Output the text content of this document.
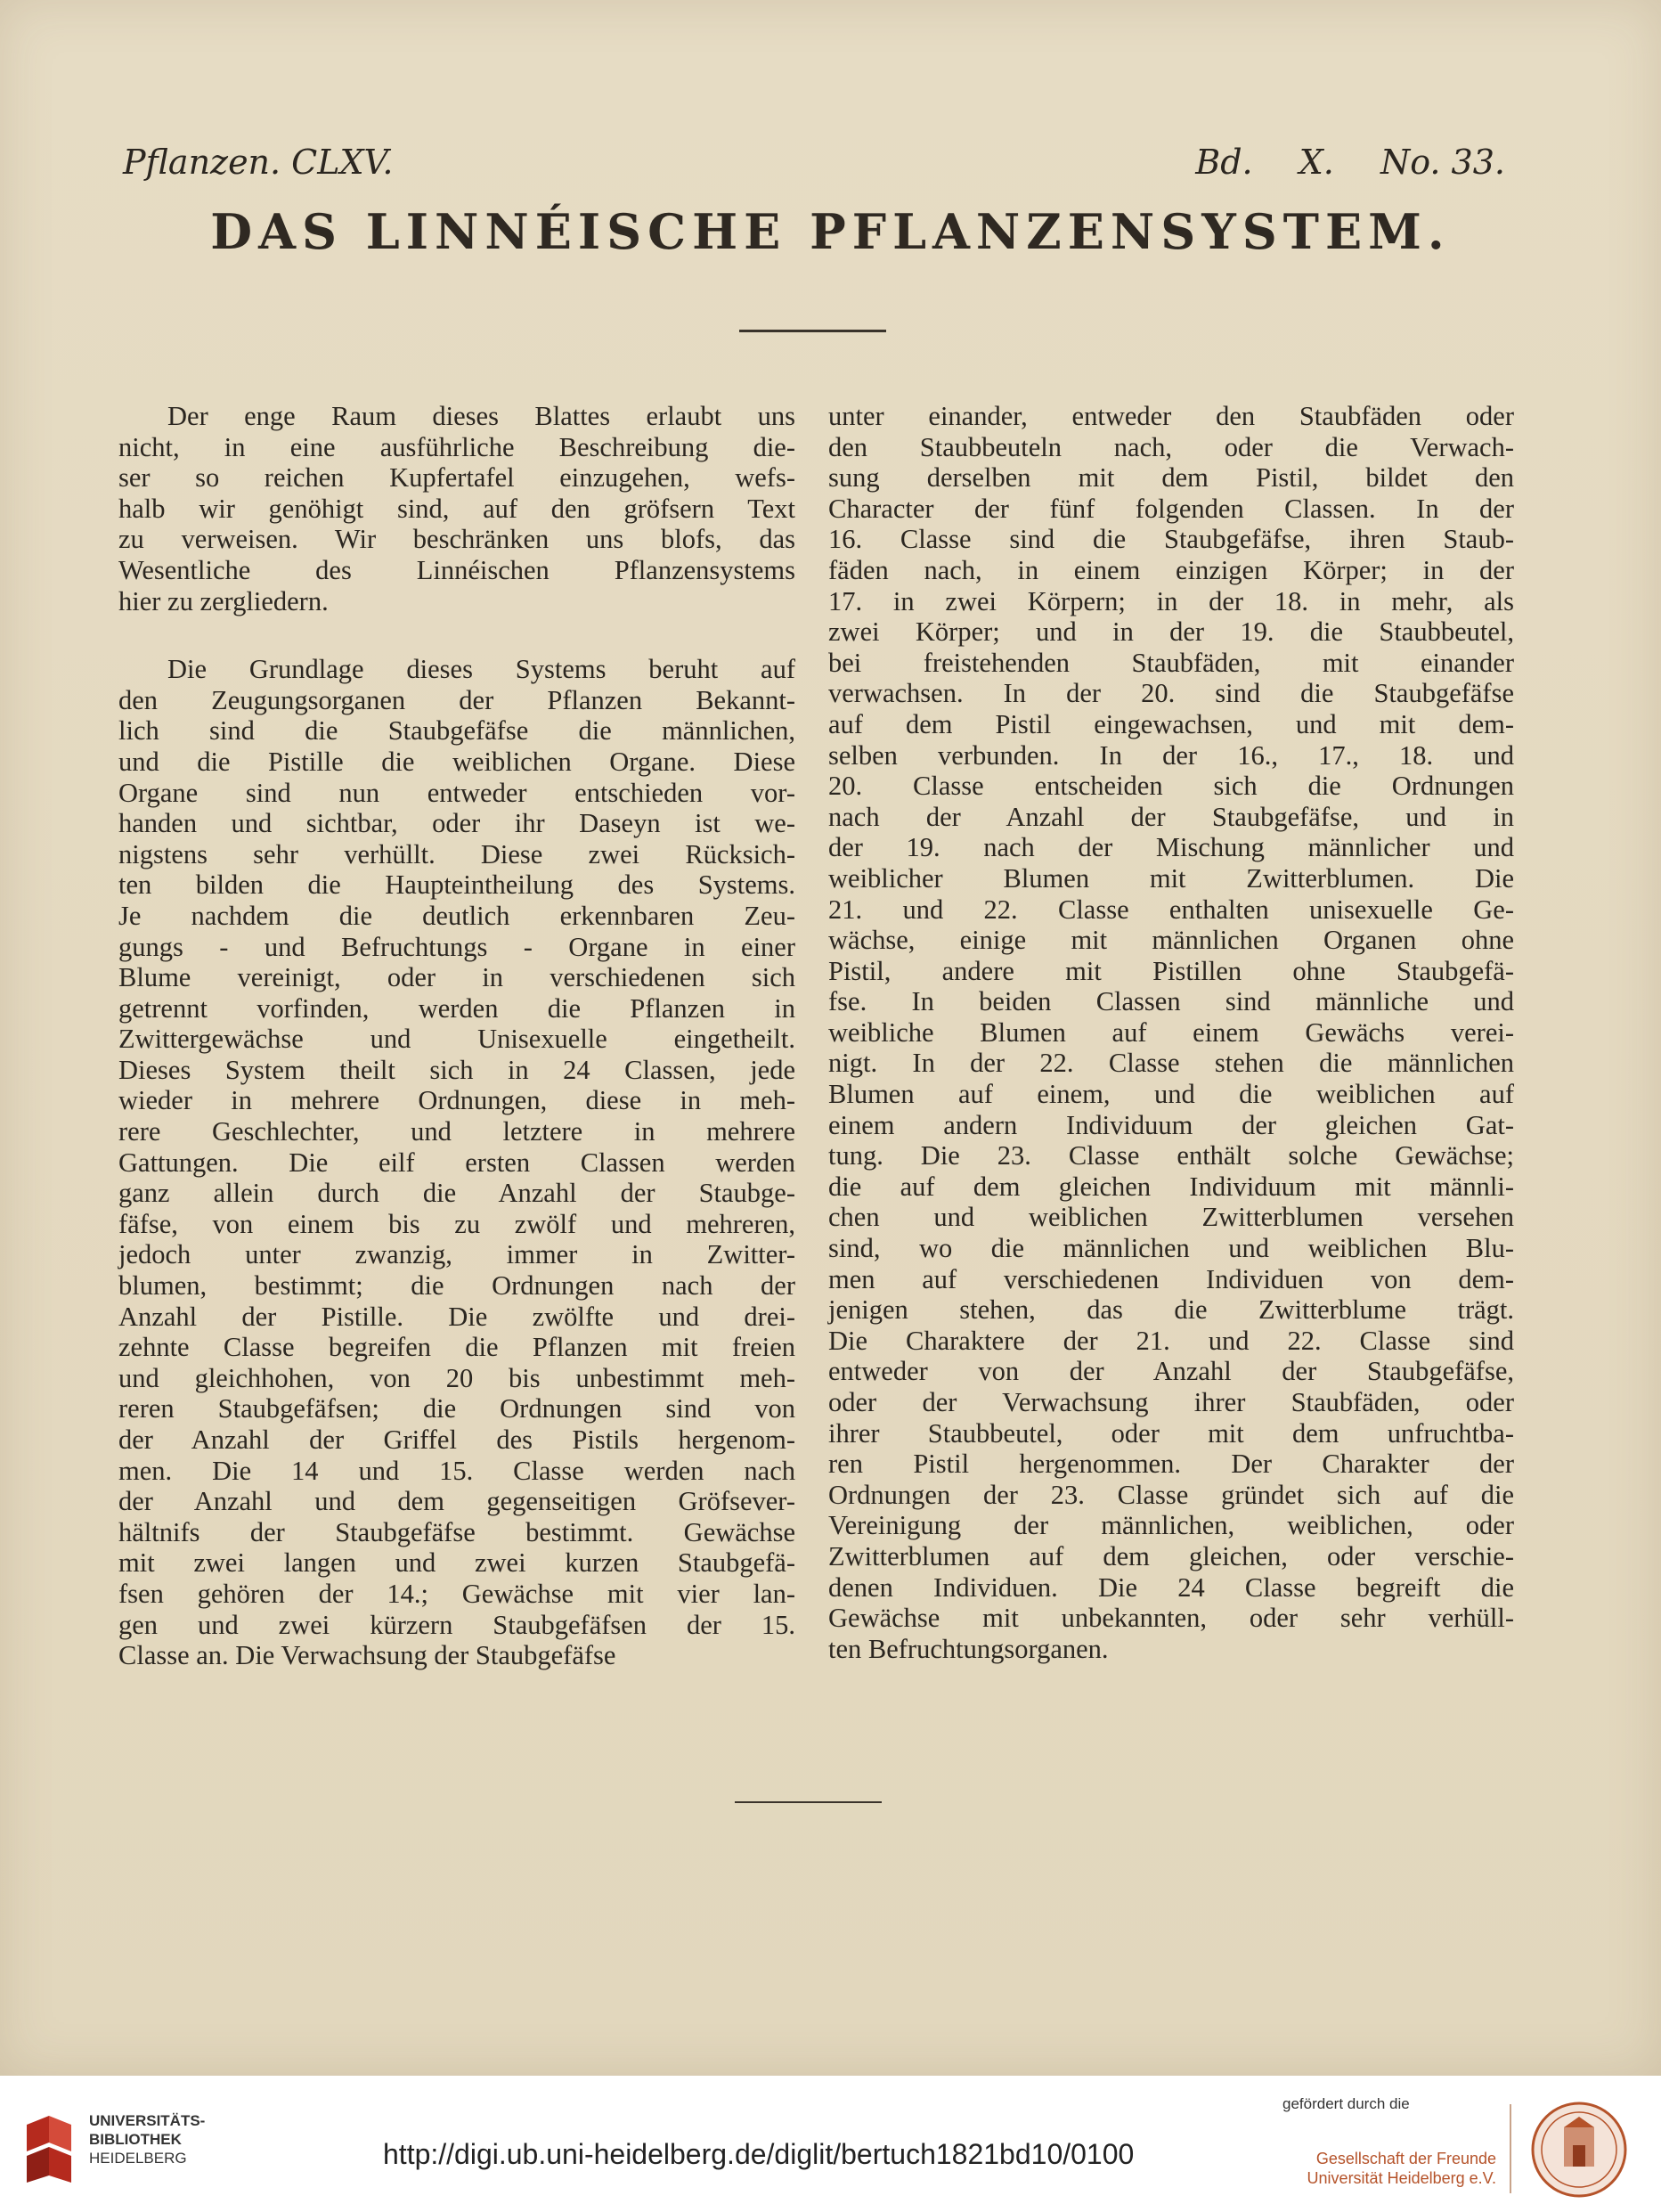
Pflanzen. CLXV.	Bd. X. No. 33.
DAS LINNÉISCHE PFLANZENSYSTEM.
Der enge Raum dieses Blattes erlaubt uns
nicht, in eine ausführliche Beschreibung die-
ser so reichen Kupfertafel einzugehen, wefs-
halb wir genöhigt sind, auf den gröfsern Text
zu verweisen. Wir beschränken uns blofs, das
Wesentliche des Linnéischen Pflanzensystems
hier zu zergliedern.
Die Grundlage dieses Systems beruht auf
den Zeugungsorganen der Pflanzen Bekannt-
lich sind die Staubgefäfse die männlichen,
und die Pistille die weiblichen Organe. Diese
Organe sind nun entweder entschieden vor-
handen und sichtbar, oder ihr Daseyn ist we-
nigstens sehr verhüllt. Diese zwei Rücksich-
ten bilden die Haupteintheilung des Systems.
Je nachdem die deutlich erkennbaren Zeu-
gungs - und Befruchtungs - Organe in einer
Blume vereinigt, oder in verschiedenen sich
getrennt vorfinden, werden die Pflanzen in
Zwittergewächse und Unisexuelle eingetheilt.
Dieses System theilt sich in 24 Classen, jede
wieder in mehrere Ordnungen, diese in meh-
rere Geschlechter, und letztere in mehrere
Gattungen. Die eilf ersten Classen werden
ganz allein durch die Anzahl der Staubge-
fäfse, von einem bis zu zwölf und mehreren,
jedoch unter zwanzig, immer in Zwitter-
blumen, bestimmt; die Ordnungen nach der
Anzahl der Pistille. Die zwölfte und drei-
zehnte Classe begreifen die Pflanzen mit freien
und gleichhohen, von 20 bis unbestimmt meh-
reren Staubgefäfsen; die Ordnungen sind von
der Anzahl der Griffel des Pistils hergenom-
men. Die 14 und 15. Classe werden nach
der Anzahl und dem gegenseitigen Gröfsever-
hältnifs der Staubgefäfse bestimmt. Gewächse
mit zwei langen und zwei kurzen Staubgefä-
fsen gehören der 14.; Gewächse mit vier lan-
gen und zwei kürzern Staubgefäfsen der 15.
Classe an. Die Verwachsung der Staubgefäfse
unter einander, entweder den Staubfäden oder
den Staubbeuteln nach, oder die Verwach-
sung derselben mit dem Pistil, bildet den
Character der fünf folgenden Classen. In der
16. Classe sind die Staubgefäfse, ihren Staub-
fäden nach, in einem einzigen Körper; in der
17. in zwei Körpern; in der 18. in mehr, als
zwei Körper; und in der 19. die Staubbeutel,
bei freistehenden Staubfäden, mit einander
verwachsen. In der 20. sind die Staubgefäfse
auf dem Pistil eingewachsen, und mit dem-
selben verbunden. In der 16., 17., 18. und
20. Classe entscheiden sich die Ordnungen
nach der Anzahl der Staubgefäfse, und in
der 19. nach der Mischung männlicher und
weiblicher Blumen mit Zwitterblumen. Die
21. und 22. Classe enthalten unisexuelle Ge-
wächse, einige mit männlichen Organen ohne
Pistil, andere mit Pistillen ohne Staubgefä-
fse. In beiden Classen sind männliche und
weibliche Blumen auf einem Gewächs verei-
nigt. In der 22. Classe stehen die männlichen
Blumen auf einem, und die weiblichen auf
einem andern Individuum der gleichen Gat-
tung. Die 23. Classe enthält solche Gewächse;
die auf dem gleichen Individuum mit männli-
chen und weiblichen Zwitterblumen versehen
sind, wo die männlichen und weiblichen Blu-
men auf verschiedenen Individuen von dem-
jenigen stehen, das die Zwitterblume trägt.
Die Charaktere der 21. und 22. Classe sind
entweder von der Anzahl der Staubgefäfse,
oder der Verwachsung ihrer Staubfäden, oder
ihrer Staubbeutel, oder mit dem unfruchtba-
ren Pistil hergenommen. Der Charakter der
Ordnungen der 23. Classe gründet sich auf die
Vereinigung der männlichen, weiblichen, oder
Zwitterblumen auf dem gleichen, oder verschie-
denen Individuen. Die 24 Classe begreift die
Gewächse mit unbekannten, oder sehr verhüll-
ten Befruchtungsorganen.
UNIVERSITÄTS-
BIBLIOTHEK
HEIDELBERG	http://digi.ub.uni-heidelberg.de/diglit/bertuch1821bd10/0100
gefördert durch die
Gesellschaft der Freunde
Universität Heidelberg e.V.
